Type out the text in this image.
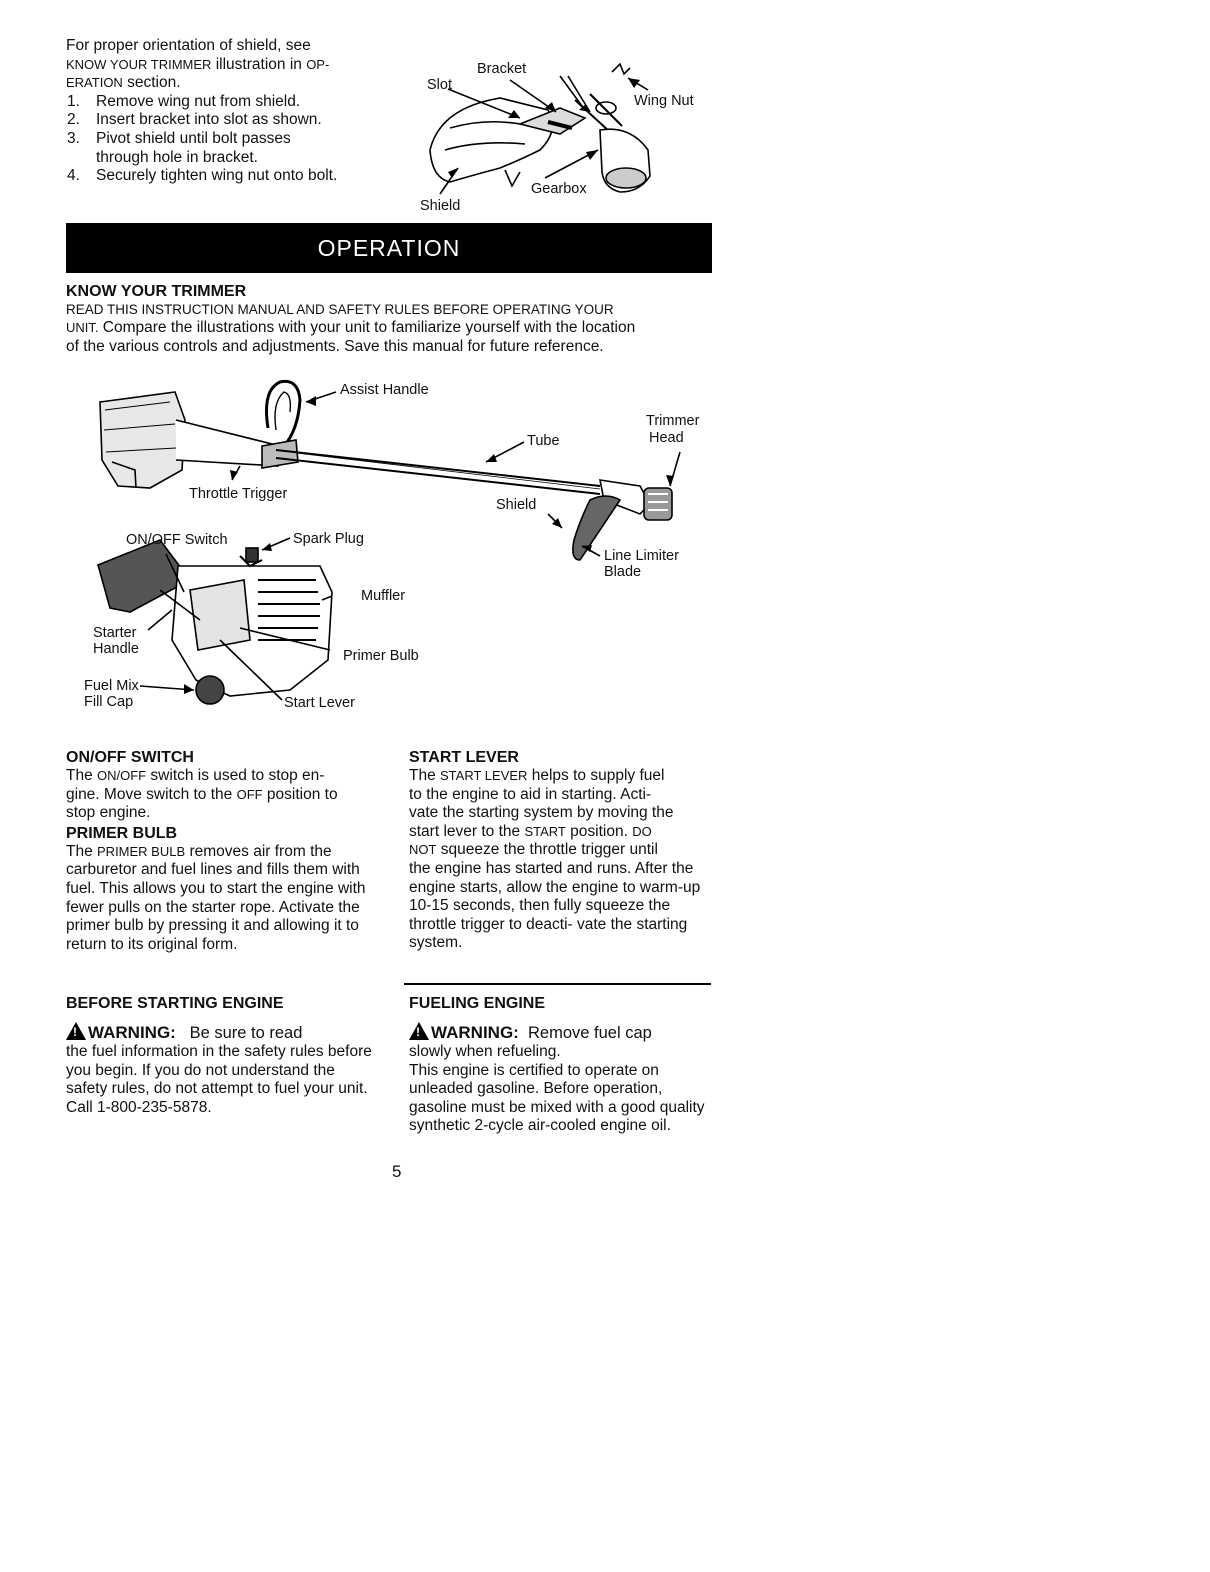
For proper orientation of shield, see
KNOW YOUR TRIMMER illustration in OP-
ERATION section.
1. Remove wing nut from shield.
2. Insert bracket into slot as shown.
3. Pivot shield until bolt passes through hole in bracket.
4. Securely tighten wing nut onto bolt.
Bracket
Slot
Wing Nut
Gearbox
Shield
OPERATION
KNOW YOUR TRIMMER
READ THIS INSTRUCTION MANUAL AND SAFETY RULES BEFORE OPERATING YOUR
UNIT. Compare the illustrations with your unit to familiarize yourself with the location
of the various controls and adjustments. Save this manual for future reference.
Assist Handle
Trimmer
Head
Tube
Throttle Trigger
Shield
ON/OFF Switch	Spark Plug
Line Limiter
Blade
Muffler
Starter
Handle	Primer Bulb
Fuel Mix
Fill Cap	Start Lever
ON/OFF SWITCH
The ON/OFF switch is used to stop en-
gine. Move switch to the OFF position to
stop engine.
PRIMER BULB
The PRIMER BULB removes air from the carburetor and fuel lines and fills them with fuel. This allows you to start the engine with fewer pulls on the starter rope. Activate the primer bulb by pressing it and allowing it to return to its original form.
START LEVER
The START LEVER helps to supply fuel
to the engine to aid in starting. Acti-
vate the starting system by moving the
start lever to the START position. DO
NOT squeeze the throttle trigger until
the engine has started and runs. After the engine starts, allow the engine to warm-up 10-15 seconds, then fully squeeze the throttle trigger to deacti- vate the starting system.
BEFORE STARTING ENGINE
! WARNING: Be sure to read
the fuel information in the safety rules before you begin. If you do not understand the safety rules, do not attempt to fuel your unit. Call 1-800-235-5878.
FUELING ENGINE
! WARNING: Remove fuel cap
slowly when refueling.
This engine is certified to operate on unleaded gasoline. Before operation, gasoline must be mixed with a good quality synthetic 2-cycle air-cooled engine oil.
5
